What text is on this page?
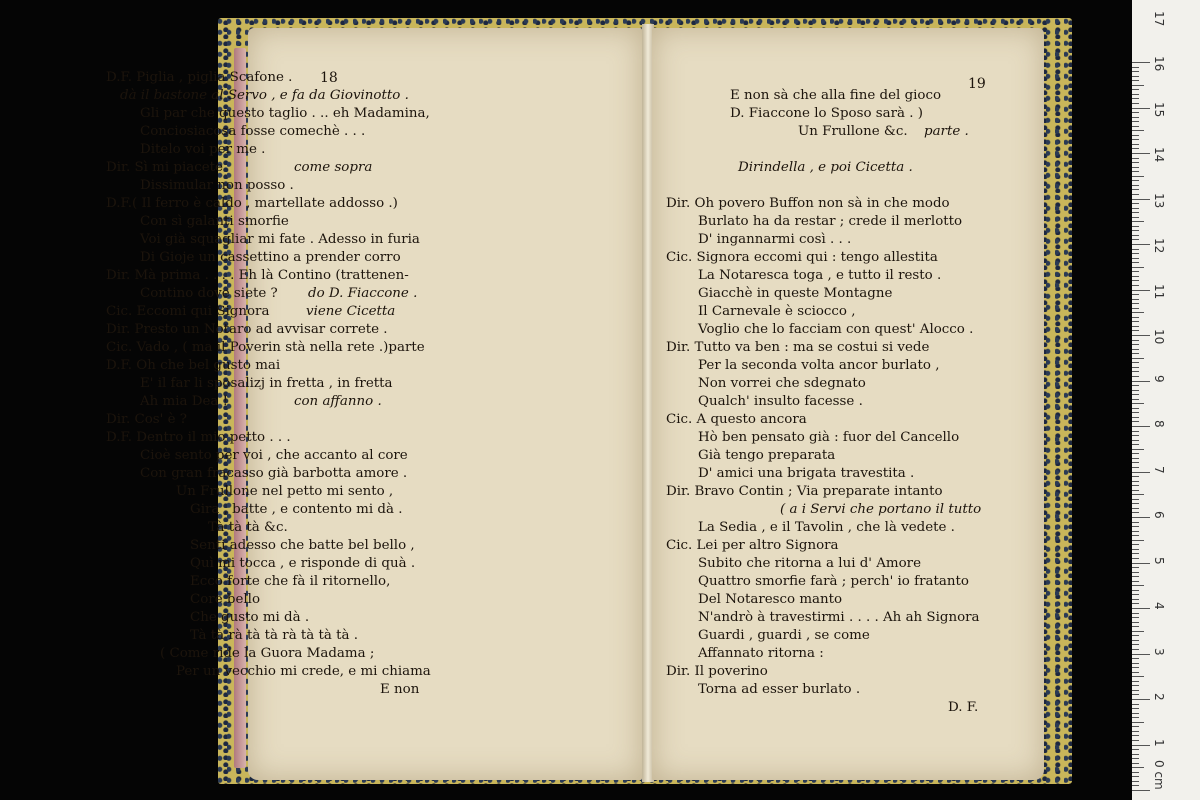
18	19
D.F. Piglia , piglia Scafone .
dà il bastone al Servo , e fa da Giovinotto .
Gli par che questo taglio . .. eh Madamina,
Conciosiacosa fosse comechè . . .
Ditelo voi per me .
Dir. Sì mi piacete	come sopra
Dissimular non posso .
D.F.( Il ferro è caldo , martellate addosso .)
Con sì galanti smorfie
Voi già squagliar mi fate . Adesso in furia
Di Gioje un cassettino a prender corro
Dir. Mà prima . . . . Eh là Contino (trattenen-
Contino dove siete ? do D. Fiaccone .
Cic. Eccomi qui Signora	viene Cicetta
Dir. Presto un Notaro ad avvisar correte .
Cic. Vado , ( ma il Poverin stà nella rete .)parte
D.F. Oh che bel gusto mai
E' il far li sposalizj in fretta , in fretta
Ah mia Dea !	con affanno .
Dir. Cos' è ?
D.F. Dentro il mio petto . . .
Cioè sento per voi , che accanto al core
Con gran fracasso già barbotta amore .
Un Frullone nel petto mi sento ,
Gira , batte , e contento mi dà .
Tà tà tà &c.
Senti adesso che batte bel bello ,
Quì mi tocca , e risponde di quà .
Ecco forte che fà il ritornello,
Core bello
Che gusto mi dà .
Tà tà rà tà tà rà tà tà tà .
( Come ride la Guora Madama ;
Per un vecchio mi crede, e mi chiama
E non
E non sà che alla fine del gioco
D. Fiaccone lo Sposo sarà . )
Un Frullone &c. parte .
Dirindella , e poi Cicetta .
Dir. Oh povero Buffon non sà in che modo
Burlato ha da restar ; crede il merlotto
D' ingannarmi così . . .
Cic. Signora eccomi qui : tengo allestita
La Notaresca toga , e tutto il resto .
Giacchè in queste Montagne
Il Carnevale è sciocco ,
Voglio che lo facciam con quest' Alocco .
Dir. Tutto va ben : ma se costui si vede
Per la seconda volta ancor burlato ,
Non vorrei che sdegnato
Qualch' insulto facesse .
Cic. A questo ancora
Hò ben pensato già : fuor del Cancello
Già tengo preparata
D' amici una brigata travestita .
Dir. Bravo Contin ; Via preparate intanto
( a i Servi che portano il tutto
La Sedia , e il Tavolin , che là vedete .
Cic. Lei per altro Signora
Subito che ritorna a lui d' Amore
Quattro smorfie farà ; perch' io fratanto
Del Notaresco manto
N'andrò à travestirmi . . . . Ah ah Signora
Guardi , guardi , se come
Affannato ritorna :
Dir. Il poverino
Torna ad esser burlato .
D. F.
1
2
3
4
5
6
7
8
9
10
11
12
13
14
15
16
17
0 cm
